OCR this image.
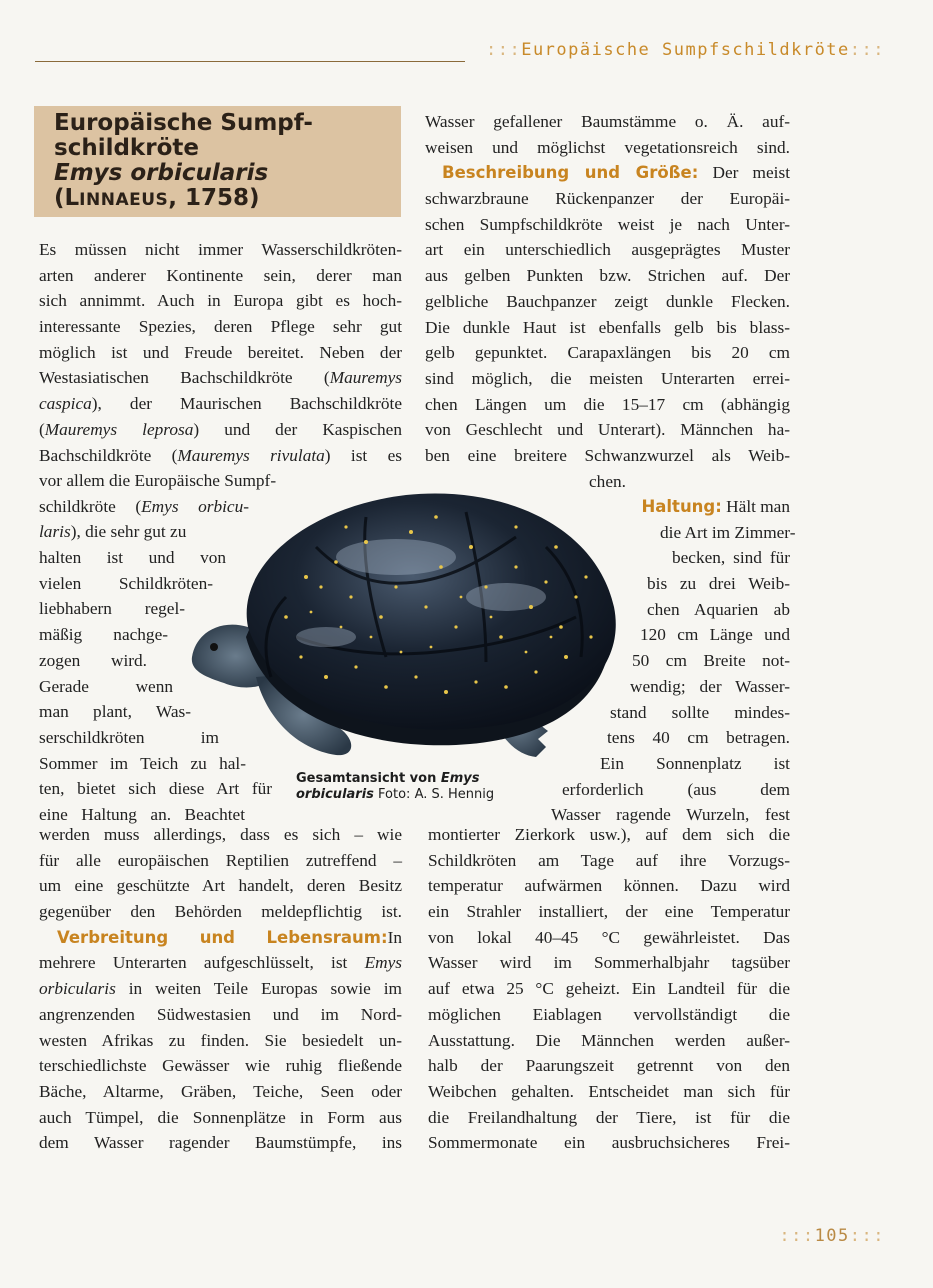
:::Europäische Sumpfschildkröte:::
Europäische Sumpf-
schildkröte
Emys orbicularis
(LINNAEUS, 1758)
Es müssen nicht immer Wasserschildkröten-
arten anderer Kontinente sein, derer man
sich annimmt. Auch in Europa gibt es hoch-
interessante Spezies, deren Pflege sehr gut
möglich ist und Freude bereitet. Neben der
Westasiatischen Bachschildkröte (Mauremys
caspica), der Maurischen Bachschildkröte
(Mauremys leprosa) und der Kaspischen
Bachschildkröte (Mauremys rivulata) ist es
vor allem die Europäische Sumpf-
schildkröte (Emys orbicu-
laris), die sehr gut zu
halten ist und von
vielen Schildkröten-
liebhabern regel-
mäßig nachge-
zogen wird.
Gerade wenn
man plant, Was-
serschildkröten im
Sommer im Teich zu hal-
ten, bietet sich diese Art für
eine Haltung an. Beachtet
werden muss allerdings, dass es sich – wie
für alle europäischen Reptilien zutreffend –
um eine geschützte Art handelt, deren Besitz
gegenüber den Behörden meldepflichtig ist.
Verbreitung und Lebensraum:In
mehrere Unterarten aufgeschlüsselt, ist Emys
orbicularis in weiten Teile Europas sowie im
angrenzenden Südwestasien und im Nord-
westen Afrikas zu finden. Sie besiedelt un-
terschiedlichste Gewässer wie ruhig fließende
Bäche, Altarme, Gräben, Teiche, Seen oder
auch Tümpel, die Sonnenplätze in Form aus
dem Wasser ragender Baumstümpfe, ins
Wasser gefallener Baumstämme o. Ä. auf-
weisen und möglichst vegetationsreich sind.
Beschreibung und Größe: Der meist
schwarzbraune Rückenpanzer der Europäi-
schen Sumpfschildkröte weist je nach Unter-
art ein unterschiedlich ausgeprägtes Muster
aus gelben Punkten bzw. Strichen auf. Der
gelbliche Bauchpanzer zeigt dunkle Flecken.
Die dunkle Haut ist ebenfalls gelb bis blass-
gelb gepunktet. Carapaxlängen bis 20 cm
sind möglich, die meisten Unterarten errei-
chen Längen um die 15–17 cm (abhängig
von Geschlecht und Unterart). Männchen ha-
ben eine breitere Schwanzwurzel als Weib-
chen.
Haltung: Hält man
die Art im Zimmer-
becken, sind für
bis zu drei Weib-
chen Aquarien ab
120 cm Länge und
50 cm Breite not-
wendig; der Wasser-
stand sollte mindes-
tens 40 cm betragen.
Ein Sonnenplatz ist
erforderlich (aus dem
Wasser ragende Wurzeln, fest
montierter Zierkork usw.), auf dem sich die
Schildkröten am Tage auf ihre Vorzugs-
temperatur aufwärmen können. Dazu wird
ein Strahler installiert, der eine Temperatur
von lokal 40–45 °C gewährleistet. Das
Wasser wird im Sommerhalbjahr tagsüber
auf etwa 25 °C geheizt. Ein Landteil für die
möglichen Eiablagen vervollständigt die
Ausstattung. Die Männchen werden außer-
halb der Paarungszeit getrennt von den
Weibchen gehalten. Entscheidet man sich für
die Freilandhaltung der Tiere, ist für die
Sommermonate ein ausbruchsicheres Frei-
Gesamtansicht von Emys
orbicularis Foto: A. S. Hennig
:::105:::
